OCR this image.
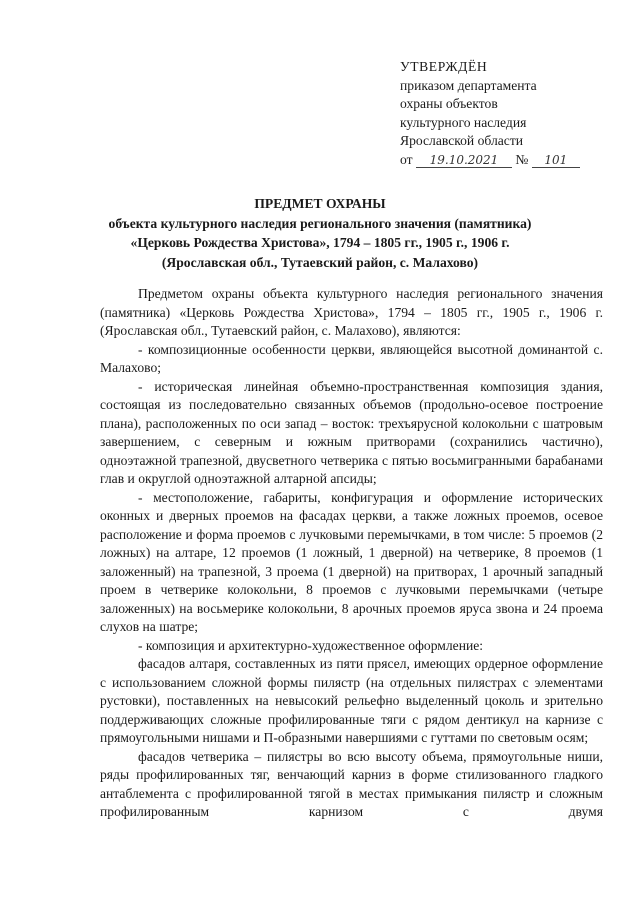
УТВЕРЖДЁН
приказом департамента
охраны объектов
культурного наследия
Ярославской области
от 19.10.2021 № 101
ПРЕДМЕТ ОХРАНЫ
объекта культурного наследия регионального значения (памятника)
«Церковь Рождества Христова», 1794 – 1805 гг., 1905 г., 1906 г.
(Ярославская обл., Тутаевский район, с. Малахово)

Предметом охраны объекта культурного наследия регионального значения (памятника) «Церковь Рождества Христова», 1794 – 1805 гг., 1905 г., 1906 г. (Ярославская обл., Тутаевский район, с. Малахово), являются:

- композиционные особенности церкви, являющейся высотной доминантой с. Малахово;

- историческая линейная объемно-пространственная композиция здания, состоящая из последовательно связанных объемов (продольно-осевое построение плана), расположенных по оси запад – восток: трехъярусной колокольни с шатровым завершением, с северным и южным притворами (сохранились частично), одноэтажной трапезной, двусветного четверика с пятью восьмигранными барабанами глав и округлой одноэтажной алтарной апсиды;

- местоположение, габариты, конфигурация и оформление исторических оконных и дверных проемов на фасадах церкви, а также ложных проемов, осевое расположение и форма проемов с лучковыми перемычками, в том числе: 5 проемов (2 ложных) на алтаре, 12 проемов (1 ложный, 1 дверной) на четверике, 8 проемов (1 заложенный) на трапезной, 3 проема (1 дверной) на притворах, 1 арочный западный проем в четверике колокольни, 8 проемов с лучковыми перемычками (четыре заложенных) на восьмерике колокольни, 8 арочных проемов яруса звона и 24 проема слухов на шатре;

- композиция и архитектурно-художественное оформление:

фасадов алтаря, составленных из пяти прясел, имеющих ордерное оформление с использованием сложной формы пилястр (на отдельных пилястрах с элементами рустовки), поставленных на невысокий рельефно выделенный цоколь и зрительно поддерживающих сложные профилированные тяги с рядом дентикул на карнизе с прямоугольными нишами и П-образными навершиями с гуттами по световым осям;

фасадов четверика – пилястры во всю высоту объема, прямоугольные ниши, ряды профилированных тяг, венчающий карниз в форме стилизованного гладкого антаблемента с профилированной тягой в местах примыкания пилястр и сложным профилированным карнизом с двумя
